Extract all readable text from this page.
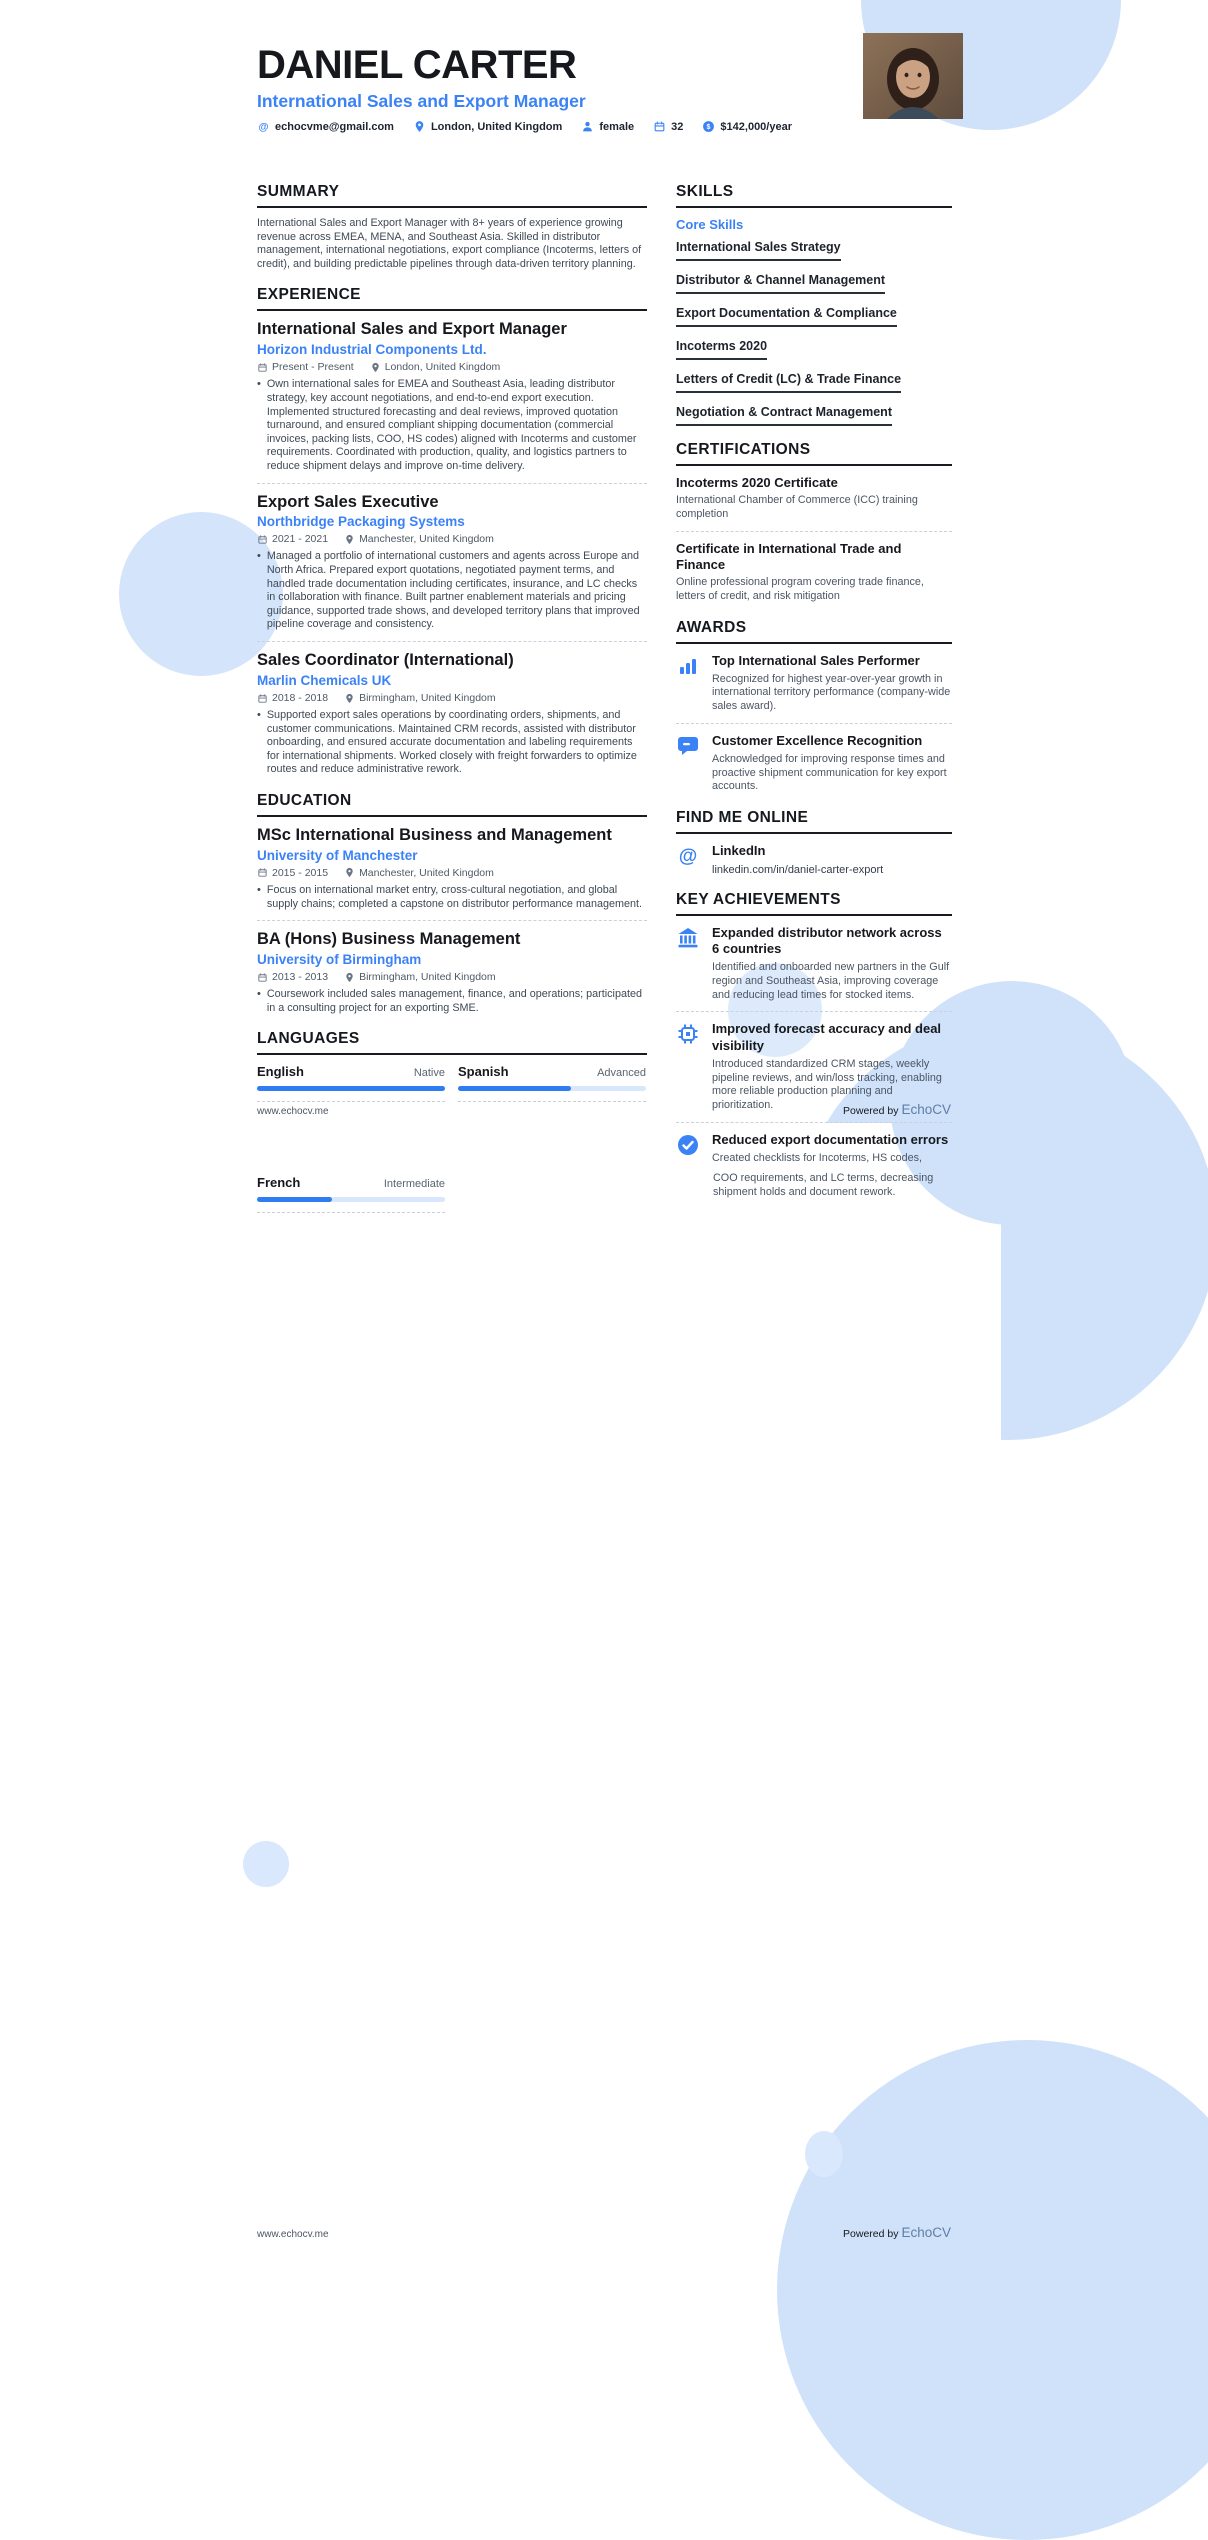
DANIEL CARTER
International Sales and Export Manager
@ echocvme@gmail.com	London, United Kingdom	female	32 $ $142,000/year
SUMMARY

International Sales and Export Manager with 8+ years of experience growing revenue across EMEA, MENA, and Southeast Asia. Skilled in distributor management, international negotiations, export compliance (Incoterms, letters of credit), and building predictable pipelines through data-driven territory planning.

EXPERIENCE
International Sales and Export Manager
Horizon Industrial Components Ltd.
Present - Present	London, United Kingdom
• Own international sales for EMEA and Southeast Asia, leading distributor strategy, key account negotiations, and end-to-end export execution. Implemented structured forecasting and deal reviews, improved quotation turnaround, and ensured compliant shipping documentation (commercial invoices, packing lists, COO, HS codes) aligned with Incoterms and customer requirements. Coordinated with production, quality, and logistics partners to reduce shipment delays and improve on-time delivery.

Export Sales Executive
Northbridge Packaging Systems
2021 - 2021	Manchester, United Kingdom
• Managed a portfolio of international customers and agents across Europe and North Africa. Prepared export quotations, negotiated payment terms, and handled trade documentation including certificates, insurance, and LC checks in collaboration with finance. Built partner enablement materials and pricing guidance, supported trade shows, and developed territory plans that improved pipeline coverage and consistency.

Sales Coordinator (International)
Marlin Chemicals UK
2018 - 2018	Birmingham, United Kingdom
• Supported export sales operations by coordinating orders, shipments, and customer communications. Maintained CRM records, assisted with distributor onboarding, and ensured accurate documentation and labeling requirements for international shipments. Worked closely with freight forwarders to optimize routes and reduce administrative rework.

EDUCATION
MSc International Business and Management
University of Manchester
2015 - 2015	Manchester, United Kingdom
• Focus on international market entry, cross-cultural negotiation, and global supply chains; completed a capstone on distributor performance management.

BA (Hons) Business Management
University of Birmingham
2013 - 2013	Birmingham, United Kingdom
• Coursework included sales management, finance, and operations; participated in a consulting project for an exporting SME.

LANGUAGES
English	Native Spanish	Advanced
SKILLS
Core Skills
International Sales Strategy
Distributor & Channel Management
Export Documentation & Compliance
Incoterms 2020
Letters of Credit (LC) & Trade Finance
Negotiation & Contract Management
CERTIFICATIONS
Incoterms 2020 Certificate

International Chamber of Commerce (ICC) training completion

Certificate in International Trade and Finance

Online professional program covering trade finance, letters of credit, and risk mitigation

AWARDS
Top International Sales Performer

Recognized for highest year-over-year growth in international territory performance (company-wide sales award).

Customer Excellence Recognition

Acknowledged for improving response times and proactive shipment communication for key export accounts.

FIND ME ONLINE
@ LinkedIn

linkedin.com/in/daniel-carter-export

KEY ACHIEVEMENTS
Expanded distributor network across 6 countries

Identified and onboarded new partners in the Gulf region and Southeast Asia, improving coverage and reducing lead times for stocked items.

Improved forecast accuracy and deal visibility

Introduced standardized CRM stages, weekly pipeline reviews, and win/loss tracking, enabling more reliable production planning and prioritization.

Reduced export documentation errors

Created checklists for Incoterms, HS codes,

www.echocv.me	Powered by EchoCV
French	Intermediate	COO requirements, and LC terms, decreasing shipment holds and document rework.

www.echocv.me	Powered by EchoCV
